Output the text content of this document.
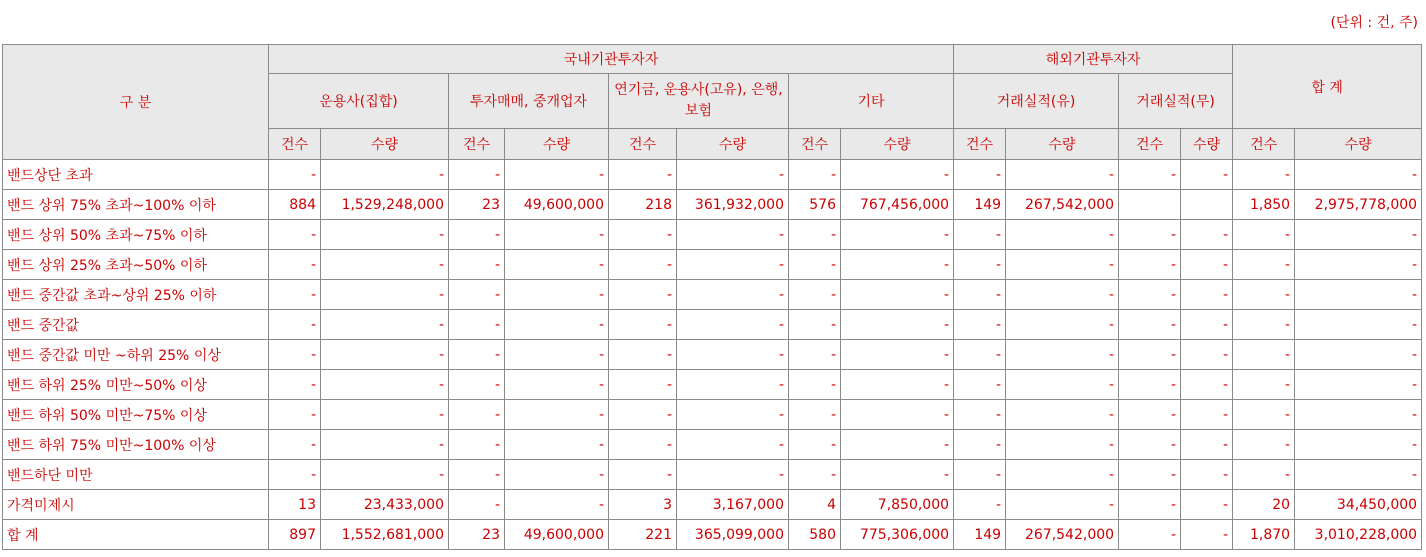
(단위 : 건, 주)
구 분	국내기관투자자								해외기관투자자				합 계	
	운용사(집합)		투자매매, 중개업자		연기금, 운용사(고유), 은행, 보험		기타		거래실적(유)		거래실적(무)			
	건수	수량	건수	수량	건수	수량	건수	수량	건수	수량	건수	수량	건수	수량
밴드상단 초과	-	-	-	-	-	-	-	-	-	-	-	-	-	-
밴드 상위 75% 초과~100% 이하	884	1,529,248,000	23	49,600,000	218	361,932,000	576	767,456,000	149	267,542,000			1,850	2,975,778,000
밴드 상위 50% 초과~75% 이하	-	-	-	-	-	-	-	-	-	-	-	-	-	-
밴드 상위 25% 초과~50% 이하	-	-	-	-	-	-	-	-	-	-	-	-	-	-
밴드 중간값 초과~상위 25% 이하	-	-	-	-	-	-	-	-	-	-	-	-	-	-
밴드 중간값	-	-	-	-	-	-	-	-	-	-	-	-	-	-
밴드 중간값 미만 ~하위 25% 이상	-	-	-	-	-	-	-	-	-	-	-	-	-	-
밴드 하위 25% 미만~50% 이상	-	-	-	-	-	-	-	-	-	-	-	-	-	-
밴드 하위 50% 미만~75% 이상	-	-	-	-	-	-	-	-	-	-	-	-	-	-
밴드 하위 75% 미만~100% 이상	-	-	-	-	-	-	-	-	-	-	-	-	-	-
밴드하단 미만	-	-	-	-	-	-	-	-	-	-	-	-	-	-
가격미제시	13	23,433,000	-	-	3	3,167,000	4	7,850,000	-	-	-	-	20	34,450,000
합 계	897	1,552,681,000	23	49,600,000	221	365,099,000	580	775,306,000	149	267,542,000	-	-	1,870	3,010,228,000
